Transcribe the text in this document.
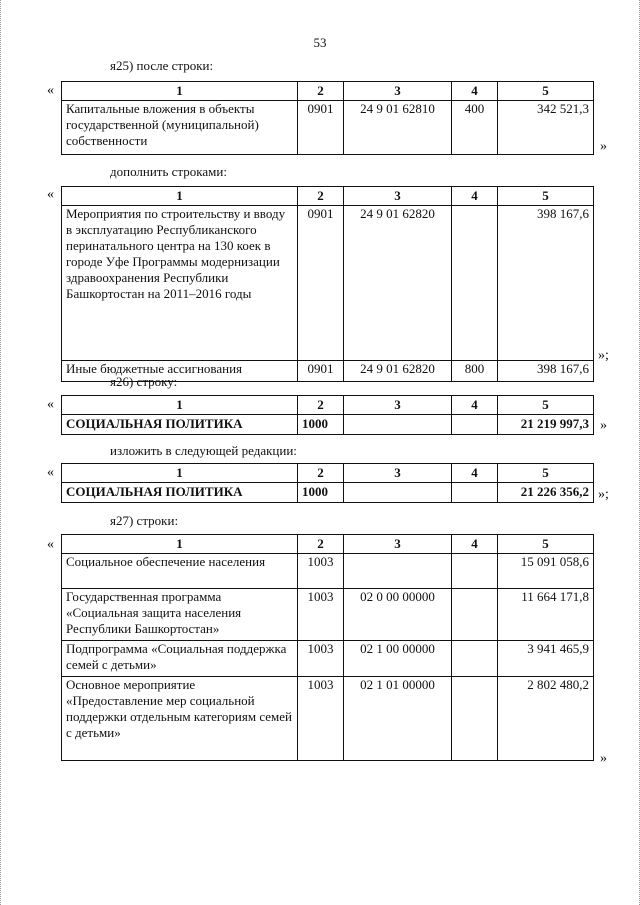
53
я25) после строки:
«	1	2	3	4	5
Капитальные вложения в объекты государственной (муниципальной) собственности	0901	24 9 01 62810	400	342 521,3
»
дополнить строками:
«	1	2	3	4	5
Мероприятия по строительству и вводу в эксплуатацию Республиканского перинатального центра на 130 коек в городе Уфе Программы модернизации здравоохранения Республики Башкортостан на 2011–2016 годы	0901	24 9 01 62820		398 167,6
Иные бюджетные ассигнования	0901	24 9 01 62820	800	398 167,6
»;
я26) строку:
«	1	2	3	4	5
СОЦИАЛЬНАЯ ПОЛИТИКА	1000			21 219 997,3 »
изложить в следующей редакции:
«	1	2	3	4	5
СОЦИАЛЬНАЯ ПОЛИТИКА	1000			21 226 356,2 »;
я27) строки:
«	1	2	3	4	5
Социальное обеспечение населения	1003			15 091 058,6
Государственная программа «Социальная защита населения Республики Башкортостан»	1003	02 0 00 00000		11 664 171,8
Подпрограмма «Социальная поддержка семей с детьми»	1003	02 1 00 00000		3 941 465,9
Основное мероприятие «Предоставление мер социальной поддержки отдельным категориям семей с детьми»	1003	02 1 01 00000		2 802 480,2
»
